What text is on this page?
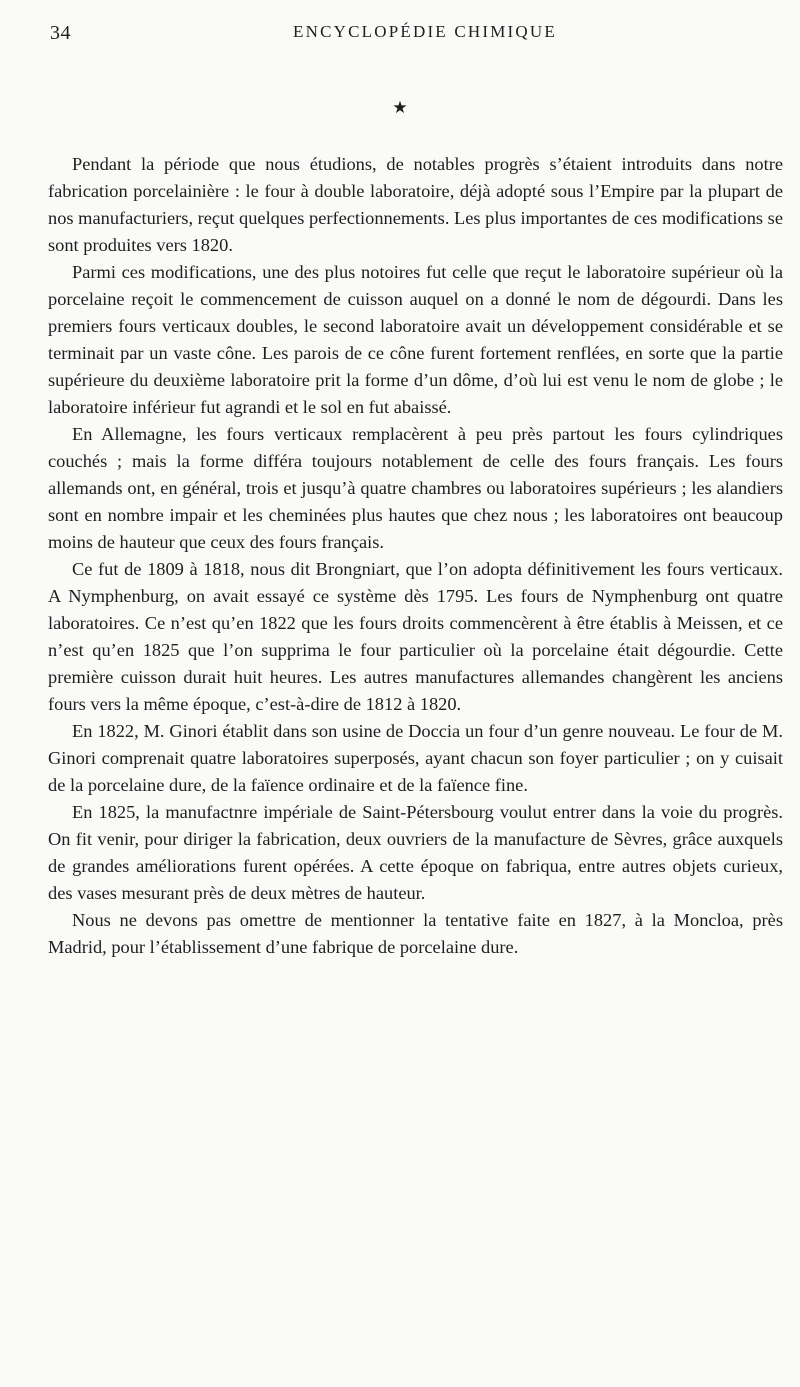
34	ENCYCLOPÉDIE CHIMIQUE
★

Pendant la période que nous étudions, de notables progrès s’étaient introduits dans notre fabrication porcelainière : le four à double laboratoire, déjà adopté sous l’Empire par la plupart de nos manufacturiers, reçut quelques perfectionnements. Les plus importantes de ces modifications se sont produites vers 1820.

Parmi ces modifications, une des plus notoires fut celle que reçut le laboratoire supérieur où la porcelaine reçoit le commencement de cuisson auquel on a donné le nom de dégourdi. Dans les premiers fours verticaux doubles, le second laboratoire avait un développement considérable et se terminait par un vaste cône. Les parois de ce cône furent fortement renflées, en sorte que la partie supérieure du deuxième laboratoire prit la forme d’un dôme, d’où lui est venu le nom de globe ; le laboratoire inférieur fut agrandi et le sol en fut abaissé.

En Allemagne, les fours verticaux remplacèrent à peu près partout les fours cylindriques couchés ; mais la forme différa toujours notablement de celle des fours français. Les fours allemands ont, en général, trois et jusqu’à quatre chambres ou laboratoires supérieurs ; les alandiers sont en nombre impair et les cheminées plus hautes que chez nous ; les laboratoires ont beaucoup moins de hauteur que ceux des fours français.

Ce fut de 1809 à 1818, nous dit Brongniart, que l’on adopta définitivement les fours verticaux. A Nymphenburg, on avait essayé ce système dès 1795. Les fours de Nymphenburg ont quatre laboratoires. Ce n’est qu’en 1822 que les fours droits commencèrent à être établis à Meissen, et ce n’est qu’en 1825 que l’on supprima le four particulier où la porcelaine était dégourdie. Cette première cuisson durait huit heures. Les autres manufactures allemandes changèrent les anciens fours vers la même époque, c’est-à-dire de 1812 à 1820.

En 1822, M. Ginori établit dans son usine de Doccia un four d’un genre nouveau. Le four de M. Ginori comprenait quatre laboratoires superposés, ayant chacun son foyer particulier ; on y cuisait de la porcelaine dure, de la faïence ordinaire et de la faïence fine.

En 1825, la manufactnre impériale de Saint-Pétersbourg voulut entrer dans la voie du progrès. On fit venir, pour diriger la fabrication, deux ouvriers de la manufacture de Sèvres, grâce auxquels de grandes améliorations furent opérées. A cette époque on fabriqua, entre autres objets curieux, des vases mesurant près de deux mètres de hauteur.

Nous ne devons pas omettre de mentionner la tentative faite en 1827, à la Moncloa, près Madrid, pour l’établissement d’une fabrique de porcelaine dure.
